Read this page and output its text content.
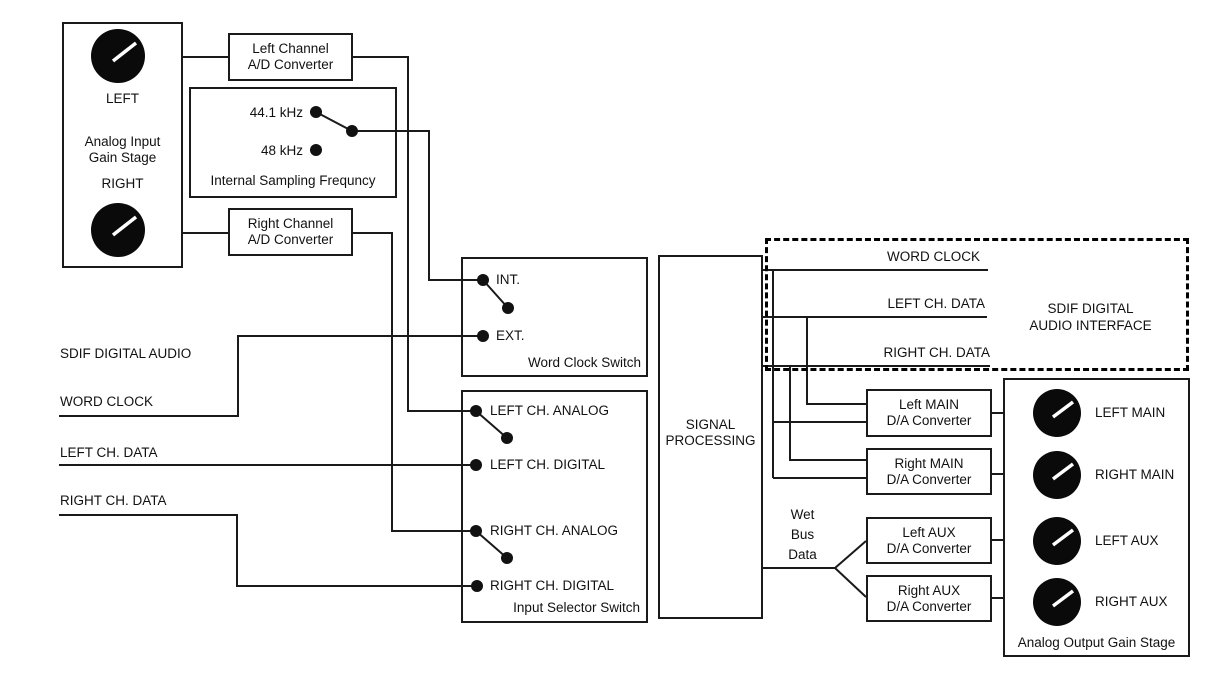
Left Channel
A/D Converter
Right Channel
A/D Converter
SIGNAL
PROCESSING
Left MAIN
D/A Converter
Right MAIN
D/A Converter
Left AUX
D/A Converter
Right AUX
D/A Converter
LEFT
Analog Input
Gain Stage
RIGHT
44.1 kHz
48 kHz
Internal Sampling Frequncy
INT.
EXT.
Word Clock Switch
LEFT CH. ANALOG
LEFT CH. DIGITAL
RIGHT CH. ANALOG
RIGHT CH. DIGITAL
Input Selector Switch
SDIF DIGITAL AUDIO
WORD CLOCK
LEFT CH. DATA
RIGHT CH. DATA
WORD CLOCK
LEFT CH. DATA
RIGHT CH. DATA
SDIF DIGITAL
AUDIO INTERFACE
Wet
Bus
Data
LEFT MAIN
RIGHT MAIN
LEFT AUX
RIGHT AUX
Analog Output Gain Stage
